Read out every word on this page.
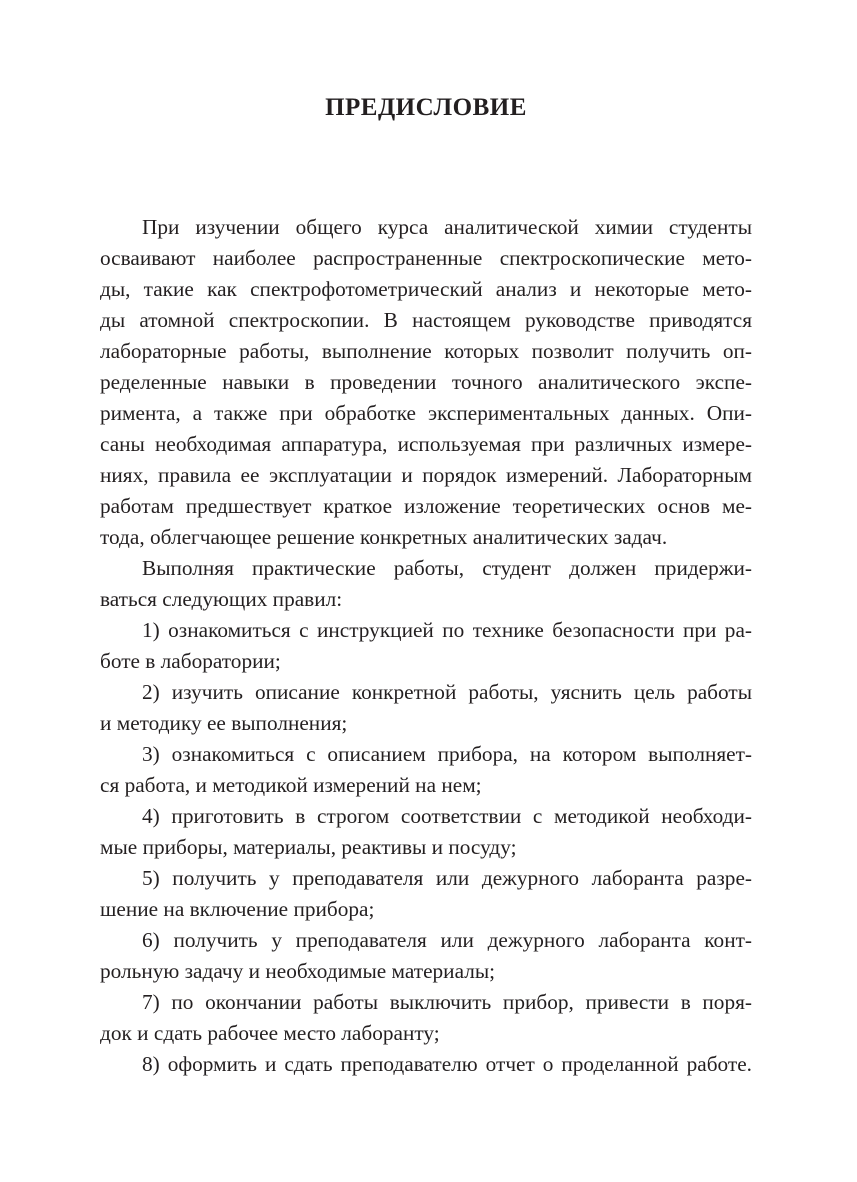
ПРЕДИСЛОВИЕ
При изучении общего курса аналитической химии студенты
осваивают наиболее распространенные спектроскопические мето-
ды, такие как спектрофотометрический анализ и некоторые мето-
ды атомной спектроскопии. В настоящем руководстве приводятся
лабораторные работы, выполнение которых позволит получить оп-
ределенные навыки в проведении точного аналитического экспе-
римента, а также при обработке экспериментальных данных. Опи-
саны необходимая аппаратура, используемая при различных измере-
ниях, правила ее эксплуатации и порядок измерений. Лабораторным
работам предшествует краткое изложение теоретических основ ме-
тода, облегчающее решение конкретных аналитических задач.
Выполняя практические работы, студент должен придержи-
ваться следующих правил:
1) ознакомиться с инструкцией по технике безопасности при ра-
боте в лаборатории;
2) изучить описание конкретной работы, уяснить цель работы
и методику ее выполнения;
3) ознакомиться с описанием прибора, на котором выполняет-
ся работа, и методикой измерений на нем;
4) приготовить в строгом соответствии с методикой необходи-
мые приборы, материалы, реактивы и посуду;
5) получить у преподавателя или дежурного лаборанта разре-
шение на включение прибора;
6) получить у преподавателя или дежурного лаборанта конт-
рольную задачу и необходимые материалы;
7) по окончании работы выключить прибор, привести в поря-
док и сдать рабочее место лаборанту;
8) оформить и сдать преподавателю отчет о проделанной работе.
